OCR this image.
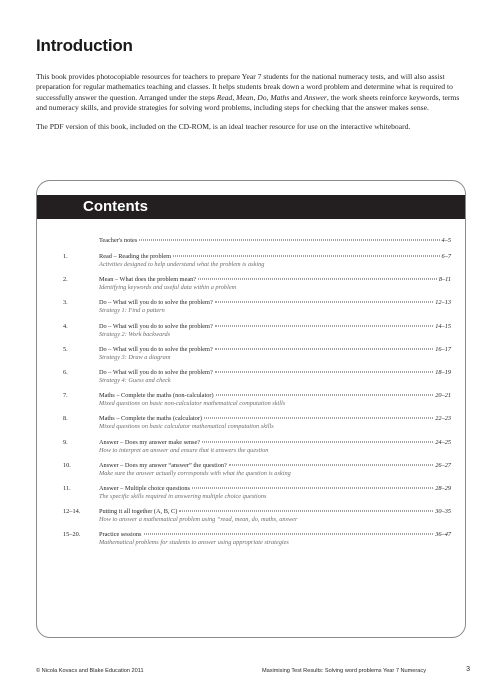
Introduction

This book provides photocopiable resources for teachers to prepare Year 7 students for the national numeracy tests, and will also assist preparation for regular mathematics teaching and classes. It helps students break down a word problem and determine what is required to successfully answer the question. Arranged under the steps Read, Mean, Do, Maths and Answer, the work sheets reinforce keywords, terms and numeracy skills, and provide strategies for solving word problems, including steps for checking that the answer makes sense.

The PDF version of this book, included on the CD-ROM, is an ideal teacher resource for use on the interactive whiteboard.

Contents
Teacher's notes	4–5
1.	Read – Reading the problem	6–7
Activities designed to help understand what the problem is asking
2.	Mean – What does the problem mean?	8–11
Identifying keywords and useful data within a problem
3.	Do – What will you do to solve the problem?	12–13
Strategy 1: Find a pattern
4.	Do – What will you do to solve the problem?	14–15
Strategy 2: Work backwards
5.	Do – What will you do to solve the problem?	16–17
Strategy 3: Draw a diagram
6.	Do – What will you do to solve the problem?	18–19
Strategy 4: Guess and check
7.	Maths – Complete the maths (non-calculator)	20–21
Mixed questions on basic non-calculator mathematical computation skills
8.	Maths – Complete the maths (calculator)	22–23
Mixed questions on basic calculator mathematical computation skills
9.	Answer – Does my answer make sense?	24–25
How to interpret an answer and ensure that it answers the question
10.	Answer – Does my answer “answer” the question?	26–27
Make sure the answer actually corresponds with what the question is asking
11.	Answer – Multiple choice questions	28–29
The specific skills required in answering multiple choice questions
12–14.	Putting it all together (A, B, C)	30–35
How to answer a mathematical problem using “read, mean, do, maths, answer
15–20.	Practice sessions	36–47
Mathematical problems for students to answer using appropriate strategies
© Nicola Kovacs and Blake Education 2011	Maximising Test Results: Solving word problems Year 7 Numeracy	3
